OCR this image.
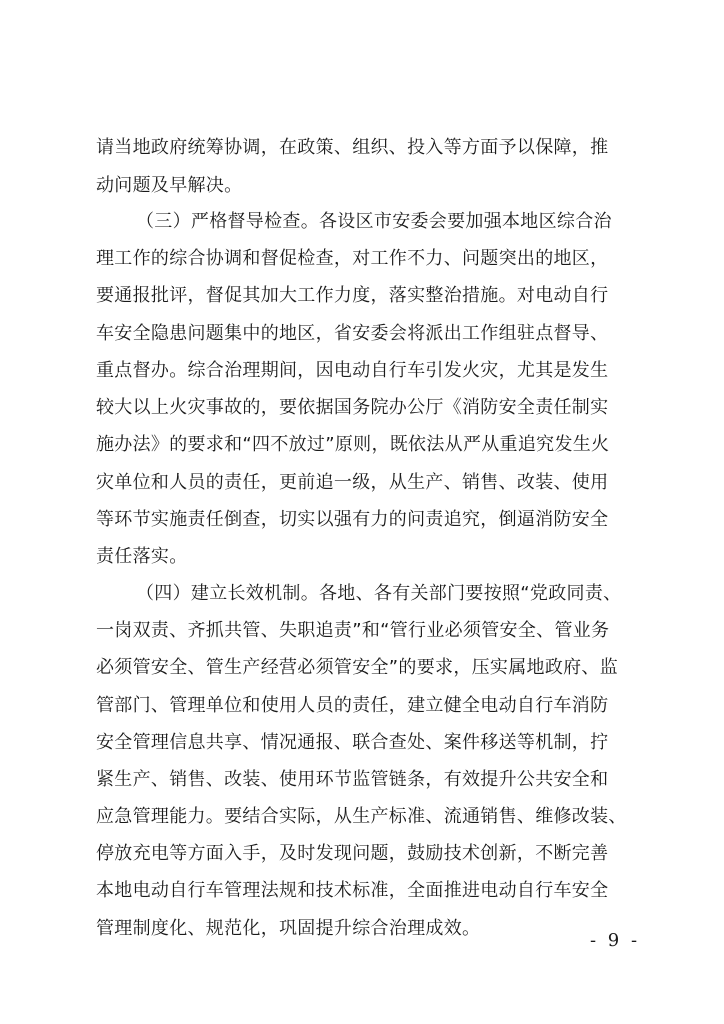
请当地政府统筹协调，在政策、组织、投入等方面予以保障，推
动问题及早解决。
（三）严格督导检查。各设区市安委会要加强本地区综合治
理工作的综合协调和督促检查，对工作不力、问题突出的地区，
要通报批评，督促其加大工作力度，落实整治措施。对电动自行
车安全隐患问题集中的地区，省安委会将派出工作组驻点督导、
重点督办。综合治理期间，因电动自行车引发火灾，尤其是发生
较大以上火灾事故的，要依据国务院办公厅《消防安全责任制实
施办法》的要求和“四不放过”原则，既依法从严从重追究发生火
灾单位和人员的责任，更前追一级，从生产、销售、改装、使用
等环节实施责任倒查，切实以强有力的问责追究，倒逼消防安全
责任落实。
（四）建立长效机制。各地、各有关部门要按照“党政同责、
一岗双责、齐抓共管、失职追责”和“管行业必须管安全、管业务
必须管安全、管生产经营必须管安全”的要求，压实属地政府、监
管部门、管理单位和使用人员的责任，建立健全电动自行车消防
安全管理信息共享、情况通报、联合查处、案件移送等机制，拧
紧生产、销售、改装、使用环节监管链条，有效提升公共安全和
应急管理能力。要结合实际，从生产标准、流通销售、维修改装、
停放充电等方面入手，及时发现问题，鼓励技术创新，不断完善
本地电动自行车管理法规和技术标准，全面推进电动自行车安全
管理制度化、规范化，巩固提升综合治理成效。
- 9 -
